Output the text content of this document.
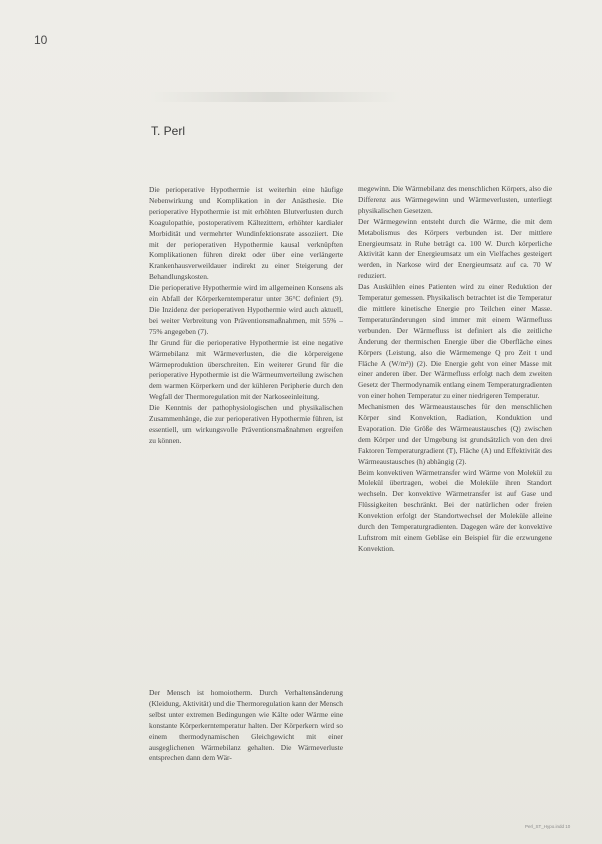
10
T. Perl

Die perioperative Hypothermie ist weiterhin eine häufige Nebenwirkung und Komplikation in der Anästhesie. Die perioperative Hypothermie ist mit erhöhten Blutverlusten durch Koagulopathie, postoperativem Kältezittern, erhöhter kardialer Morbidität und vermehrter Wundinfektionsrate assoziiert. Die mit der perioperativen Hypothermie kausal verknüpften Komplikationen führen direkt oder über eine verlängerte Krankenhausverweildauer indirekt zu einer Steigerung der Behandlungskosten.

Die perioperative Hypothermie wird im allgemeinen Konsens als ein Abfall der Körperkerntemperatur unter 36°C definiert (9). Die Inzidenz der perioperativen Hypothermie wird auch aktuell, bei weiter Verbreitung von Präventionsmaßnahmen, mit 55% – 75% angegeben (7).

Ihr Grund für die perioperative Hypothermie ist eine negative Wärmebilanz mit Wärmeverlusten, die die körpereigene Wärmeproduktion überschreiten. Ein weiterer Grund für die perioperative Hypothermie ist die Wärmeumverteilung zwischen dem warmen Körperkern und der kühleren Peripherie durch den Wegfall der Thermoregulation mit der Narkoseeinleitung.

Die Kenntnis der pathophysiologischen und physikalischen Zusammenhänge, die zur perioperativen Hypothermie führen, ist essentiell, um wirkungsvolle Präventionsmaßnahmen ergreifen zu können.

Der Mensch ist homoiotherm. Durch Verhaltensänderung (Kleidung, Aktivität) und die Thermoregulation kann der Mensch selbst unter extremen Bedingungen wie Kälte oder Wärme eine konstante Körperkerntemperatur halten. Der Körperkern wird so einem thermodynamischen Gleichgewicht mit einer ausgeglichenen Wärmebilanz gehalten. Die Wärmeverluste entsprechen dann dem Wär-

megewinn. Die Wärmebilanz des menschlichen Körpers, also die Differenz aus Wärmegewinn und Wärmeverlusten, unterliegt physikalischen Gesetzen.

Der Wärmegewinn entsteht durch die Wärme, die mit dem Metabolismus des Körpers verbunden ist. Der mittlere Energieumsatz in Ruhe beträgt ca. 100 W. Durch körperliche Aktivität kann der Energieumsatz um ein Vielfaches gesteigert werden, in Narkose wird der Energieumsatz auf ca. 70 W reduziert.

Das Auskühlen eines Patienten wird zu einer Reduktion der Temperatur gemessen. Physikalisch betrachtet ist die Temperatur die mittlere kinetische Energie pro Teilchen einer Masse. Temperaturänderungen sind immer mit einem Wärmefluss verbunden. Der Wärmefluss ist definiert als die zeitliche Änderung der thermischen Energie über die Oberfläche eines Körpers (Leistung, also die Wärmemenge Q pro Zeit t und Fläche A (W/m²)) (2). Die Energie geht von einer Masse mit einer anderen über. Der Wärmefluss erfolgt nach dem zweiten Gesetz der Thermodynamik entlang einem Temperaturgradienten von einer hohen Temperatur zu einer niedrigeren Temperatur.

Mechanismen des Wärmeaustausches für den menschlichen Körper sind Konvektion, Radiation, Konduktion und Evaporation. Die Größe des Wärmeaustausches (Q) zwischen dem Körper und der Umgebung ist grundsätzlich von den drei Faktoren Temperaturgradient (T), Fläche (A) und Effektivität des Wärmeaustausches (h) abhängig (2).

Beim konvektiven Wärmetransfer wird Wärme von Molekül zu Molekül übertragen, wobei die Moleküle ihren Standort wechseln. Der konvektive Wärmetransfer ist auf Gase und Flüssigkeiten beschränkt. Bei der natürlichen oder freien Konvektion erfolgt der Standortwechsel der Moleküle alleine durch den Temperaturgradienten. Dagegen wäre der konvektive Luftstrom mit einem Gebläse ein Beispiel für die erzwungene Konvektion.

Perl_ST_Hypo.indd 10
